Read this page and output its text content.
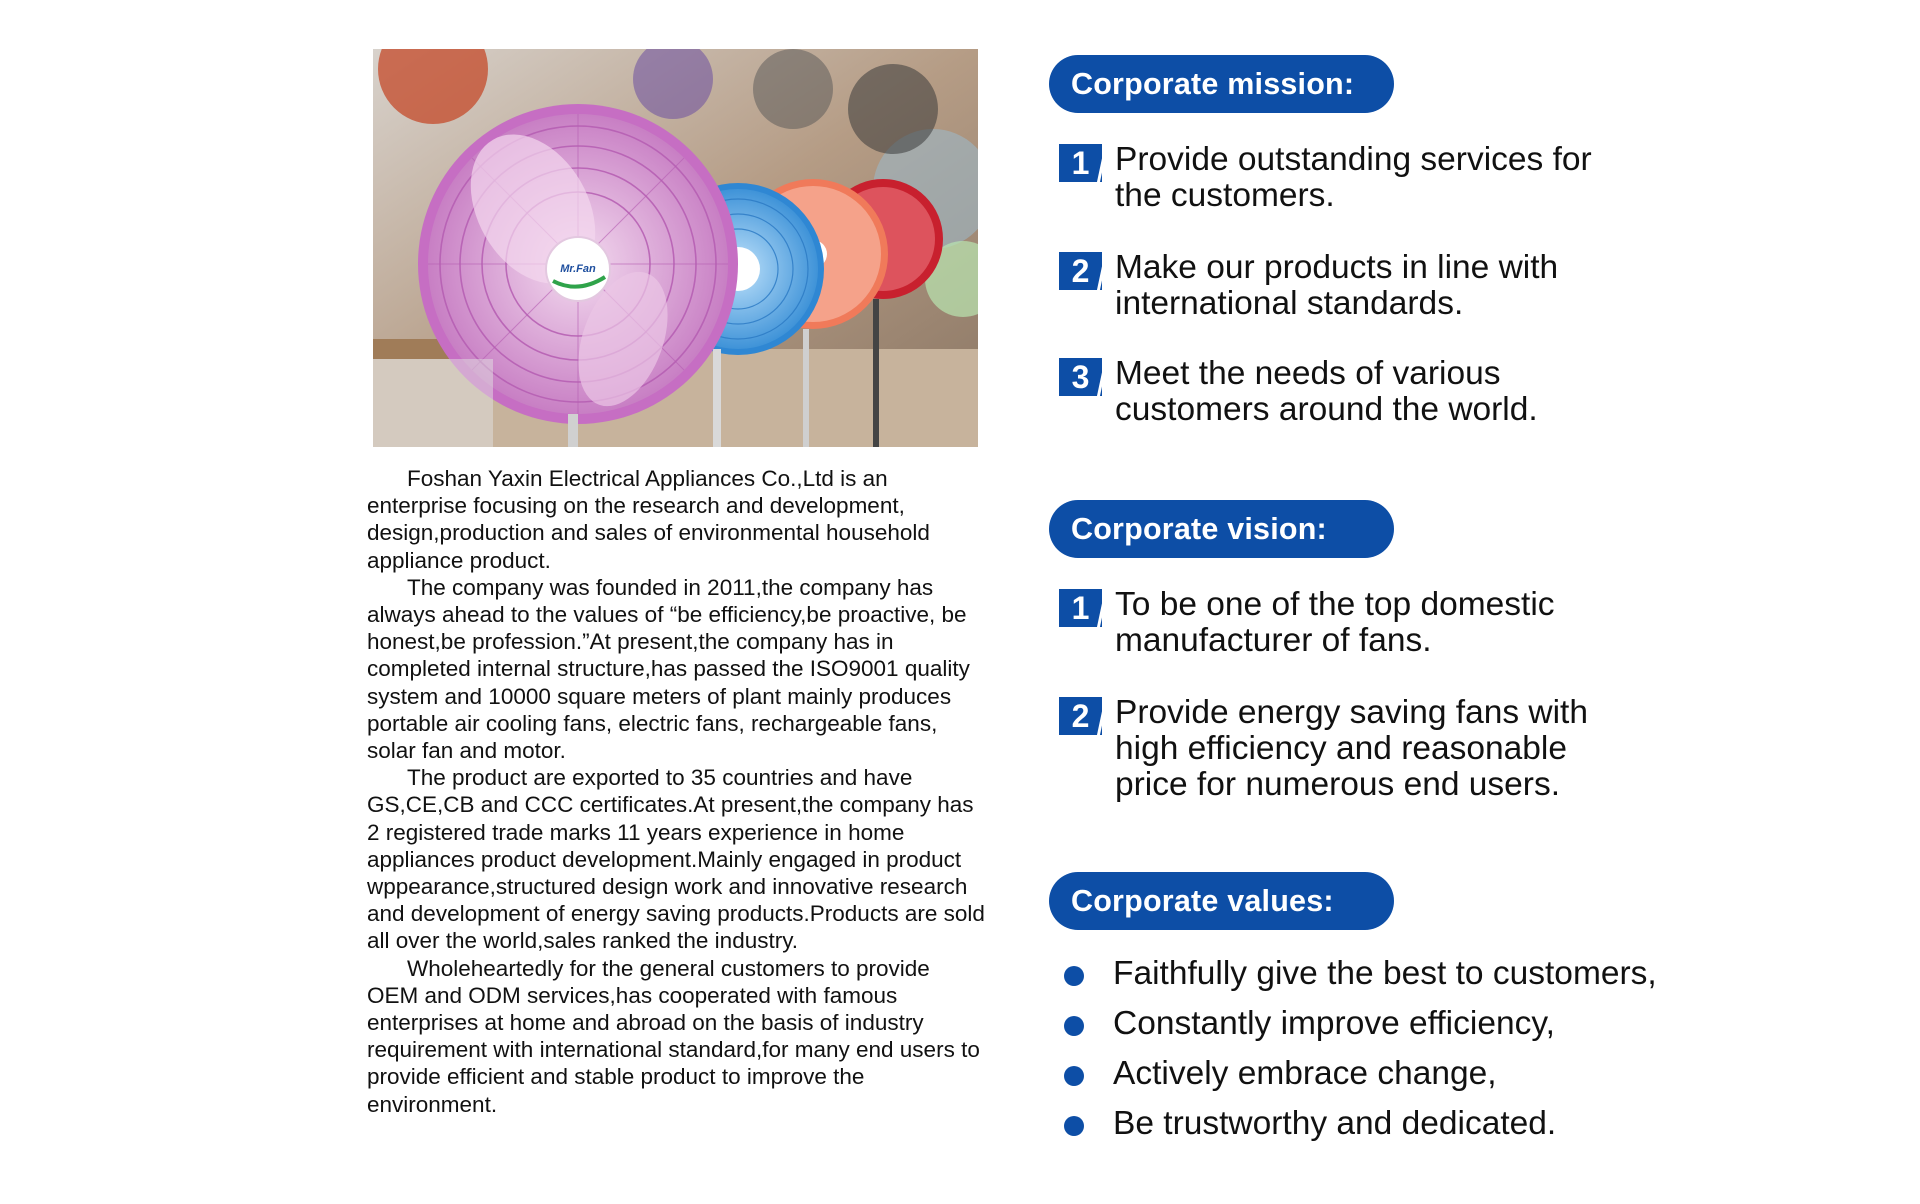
Mr.Fan

Foshan Yaxin Electrical Appliances Co.,Ltd is an enterprise focusing on the research and development, design,production and sales of environmental household appliance product.

The company was founded in 2011,the company has always ahead to the values of “be efficiency,be proactive, be honest,be profession.”At present,the company has in completed internal structure,has passed the ISO9001 quality system and 10000 square meters of plant mainly produces portable air cooling fans, electric fans, rechargeable fans, solar fan and motor.

The product are exported to 35 countries and have GS,CE,CB and CCC certificates.At present,the company has 2 registered trade marks 11 years experience in home appliances product development.Mainly engaged in product wppearance,structured design work and innovative research and development of energy saving products.Products are sold all over the world,sales ranked the industry.

Wholeheartedly for the general customers to provide OEM and ODM services,has cooperated with famous enterprises at home and abroad on the basis of industry requirement with international standard,for many end users to provide efficient and stable product to improve the environment.

Corporate mission:
1 Provide outstanding services for the customers.
2 Make our products in line with international standards.
3 Meet the needs of various customers around the world.
Corporate vision:
1 To be one of the top domestic manufacturer of fans.
2 Provide energy saving fans with high efficiency and reasonable price for numerous end users.
Corporate values:
Faithfully give the best to customers,
Constantly improve efficiency,
Actively embrace change,
Be trustworthy and dedicated.
